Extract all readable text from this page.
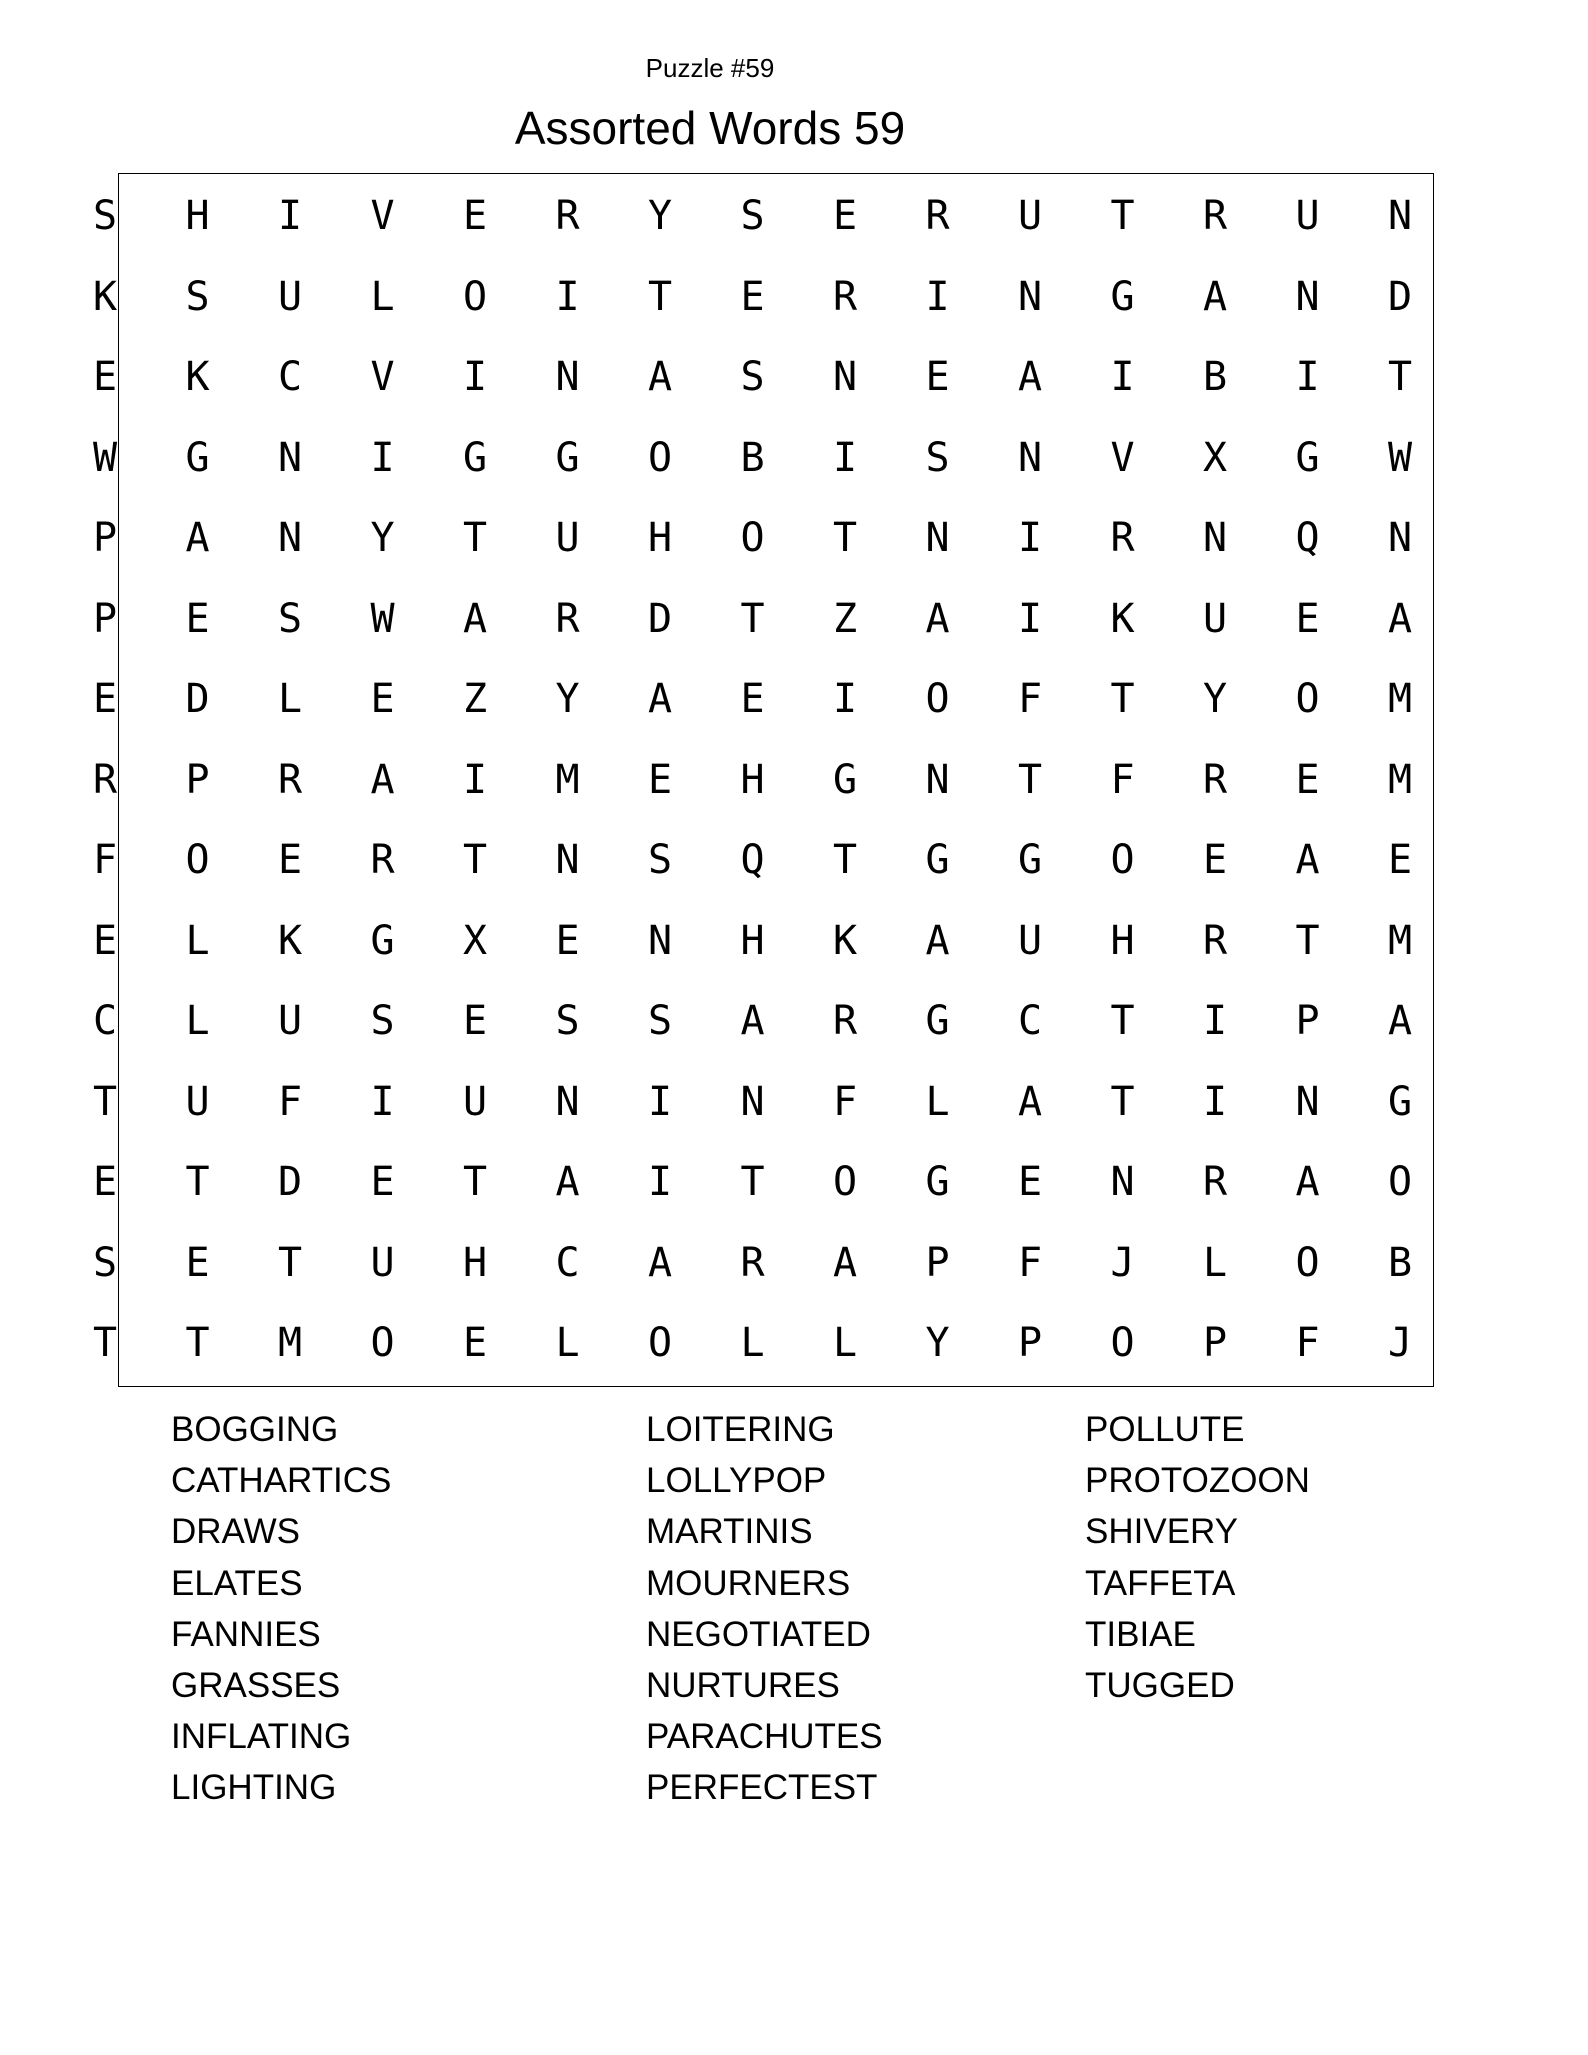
Puzzle #59
Assorted Words 59
S	H	I	V	E	R	Y	S	E	R	U	T	R	U	N
K	S	U	L	O	I	T	E	R	I	N	G	A	N	D
E	K	C	V	I	N	A	S	N	E	A	I	B	I	T
W	G	N	I	G	G	O	B	I	S	N	V	X	G	W
P	A	N	Y	T	U	H	O	T	N	I	R	N	Q	N
P	E	S	W	A	R	D	T	Z	A	I	K	U	E	A
E	D	L	E	Z	Y	A	E	I	O	F	T	Y	O	M
R	P	R	A	I	M	E	H	G	N	T	F	R	E	M
F	O	E	R	T	N	S	Q	T	G	G	O	E	A	E
E	L	K	G	X	E	N	H	K	A	U	H	R	T	M
C	L	U	S	E	S	S	A	R	G	C	T	I	P	A
T	U	F	I	U	N	I	N	F	L	A	T	I	N	G
E	T	D	E	T	A	I	T	O	G	E	N	R	A	O
S	E	T	U	H	C	A	R	A	P	F	J	L	O	B
T	T	M	O	E	L	O	L	L	Y	P	O	P	F	J
BOGGING
CATHARTICS
DRAWS
ELATES
FANNIES
GRASSES
INFLATING
LIGHTING
LOITERING
LOLLYPOP
MARTINIS
MOURNERS
NEGOTIATED
NURTURES
PARACHUTES
PERFECTEST
POLLUTE
PROTOZOON
SHIVERY
TAFFETA
TIBIAE
TUGGED
